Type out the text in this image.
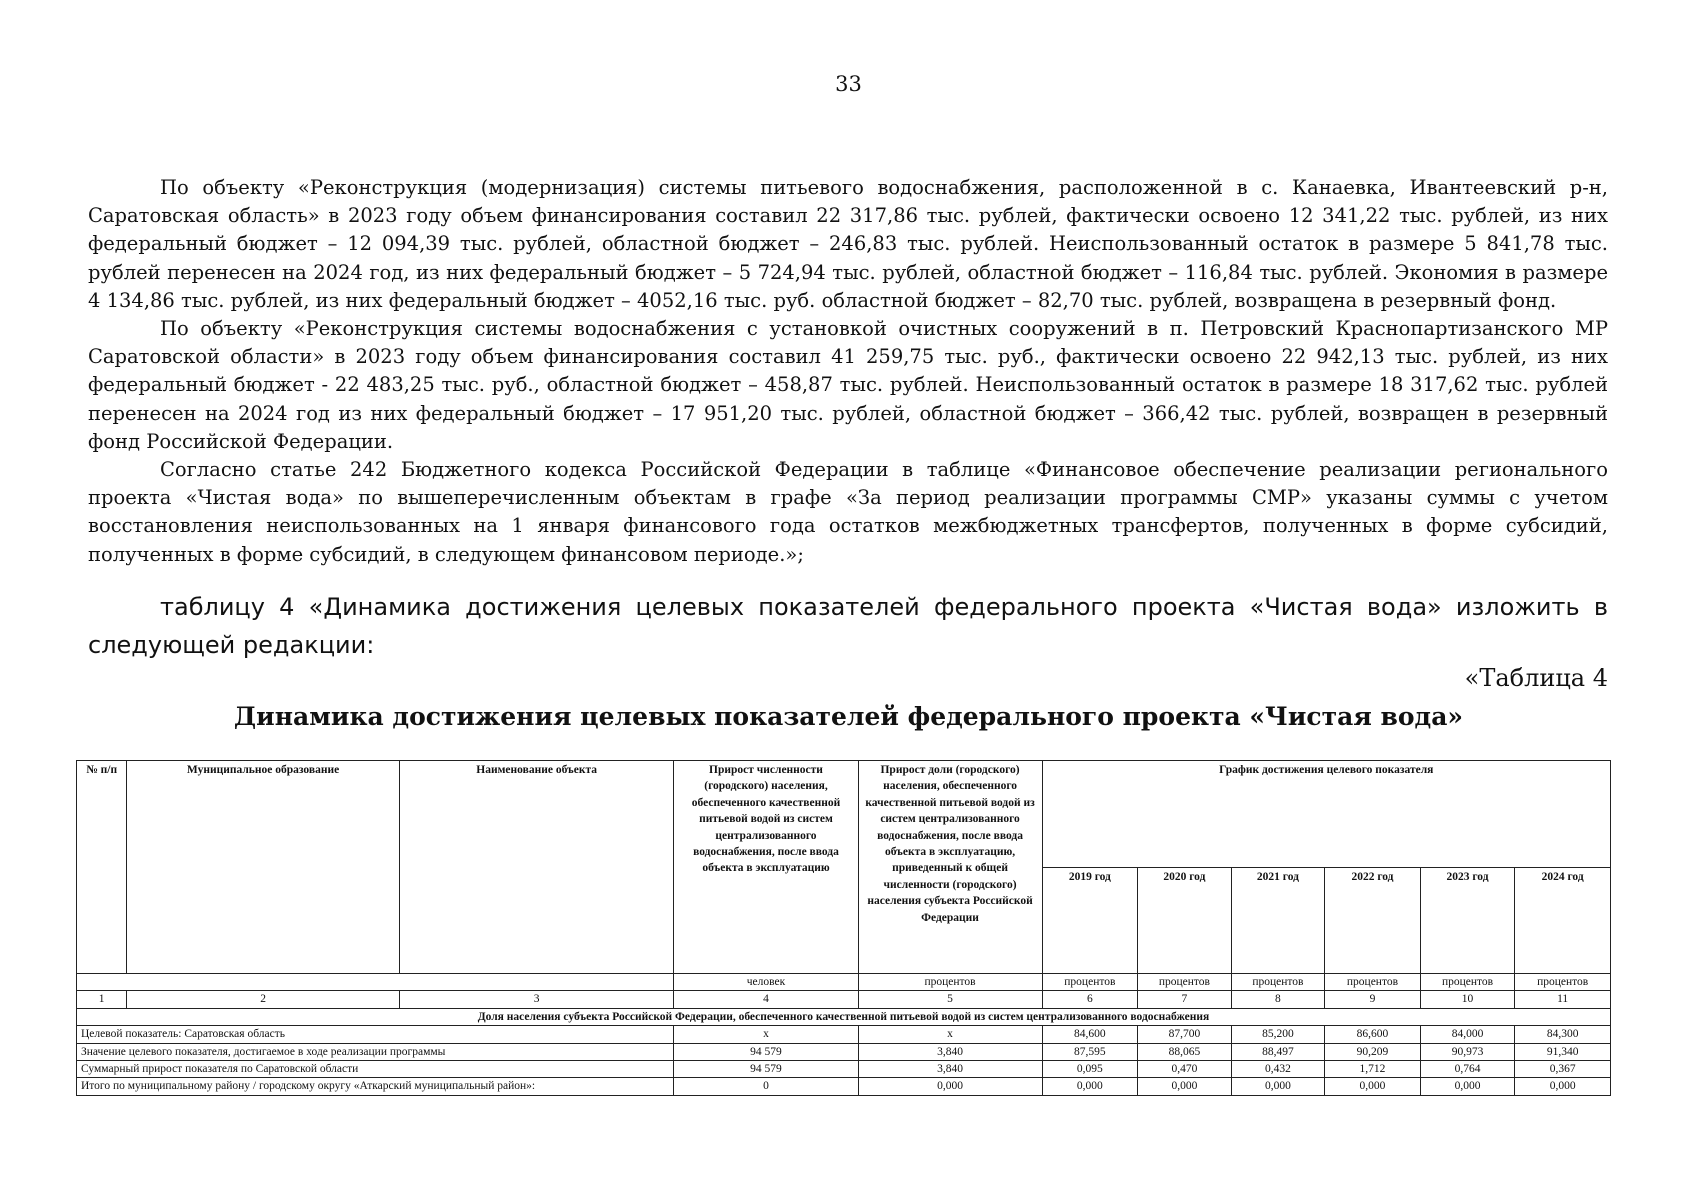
33

По объекту «Реконструкция (модернизация) системы питьевого водоснабжения, расположенной в с. Канаевка, Ивантеевский р-н, Саратовская область» в 2023 году объем финансирования составил 22 317,86 тыс. рублей, фактически освоено 12 341,22 тыс. рублей, из них федеральный бюджет – 12 094,39 тыс. рублей, областной бюджет – 246,83 тыс. рублей. Неиспользованный остаток в размере 5 841,78 тыс. рублей перенесен на 2024 год, из них федеральный бюджет – 5 724,94 тыс. рублей, областной бюджет – 116,84 тыс. рублей. Экономия в размере 4 134,86 тыс. рублей, из них федеральный бюджет – 4052,16 тыс. руб. областной бюджет – 82,70 тыс. рублей, возвращена в резервный фонд.

По объекту «Реконструкция системы водоснабжения с установкой очистных сооружений в п. Петровский Краснопартизанского МР Саратовской области» в 2023 году объем финансирования составил 41 259,75 тыс. руб., фактически освоено 22 942,13 тыс. рублей, из них федеральный бюджет - 22 483,25 тыс. руб., областной бюджет – 458,87 тыс. рублей. Неиспользованный остаток в размере 18 317,62 тыс. рублей перенесен на 2024 год из них федеральный бюджет – 17 951,20 тыс. рублей, областной бюджет – 366,42 тыс. рублей, возвращен в резервный фонд Российской Федерации.

Согласно статье 242 Бюджетного кодекса Российской Федерации в таблице «Финансовое обеспечение реализации регионального проекта «Чистая вода» по вышеперечисленным объектам в графе «За период реализации программы СМР» указаны суммы с учетом восстановления неиспользованных на 1 января финансового года остатков межбюджетных трансфертов, полученных в форме субсидий, полученных в форме субсидий, в следующем финансовом периоде.»;

таблицу 4 «Динамика достижения целевых показателей федерального проекта «Чистая вода» изложить в следующей редакции:

«Таблица 4
Динамика достижения целевых показателей федерального проекта «Чистая вода»
№ п/п	Муниципальное образование	Наименование объекта	Прирост численности (городского) населения, обеспеченного качественной питьевой водой из систем централизованного водоснабжения, после ввода объекта в эксплуатацию	Прирост доли (городского) населения, обеспеченного качественной питьевой водой из систем централизованного водоснабжения, после ввода объекта в эксплуатацию, приведенный к общей численности (городского) населения субъекта Российской Федерации	График достижения целевого показателя					
					2019 год	2020 год	2021 год	2022 год	2023 год	2024 год
			человек	процентов	процентов	процентов	процентов	процентов	процентов	процентов
1	2	3	4	5	6	7	8	9	10	11
Доля населения субъекта Российской Федерации, обеспеченного качественной питьевой водой из систем централизованного водоснабжения										
Целевой показатель: Саратовская область			x	x	84,600	87,700	85,200	86,600	84,000	84,300
Значение целевого показателя, достигаемое в ходе реализации программы			94 579	3,840	87,595	88,065	88,497	90,209	90,973	91,340
Суммарный прирост показателя по Саратовской области			94 579	3,840	0,095	0,470	0,432	1,712	0,764	0,367
Итого по муниципальному району / городскому округу «Аткарский муниципальный район»:			0	0,000	0,000	0,000	0,000	0,000	0,000	0,000
